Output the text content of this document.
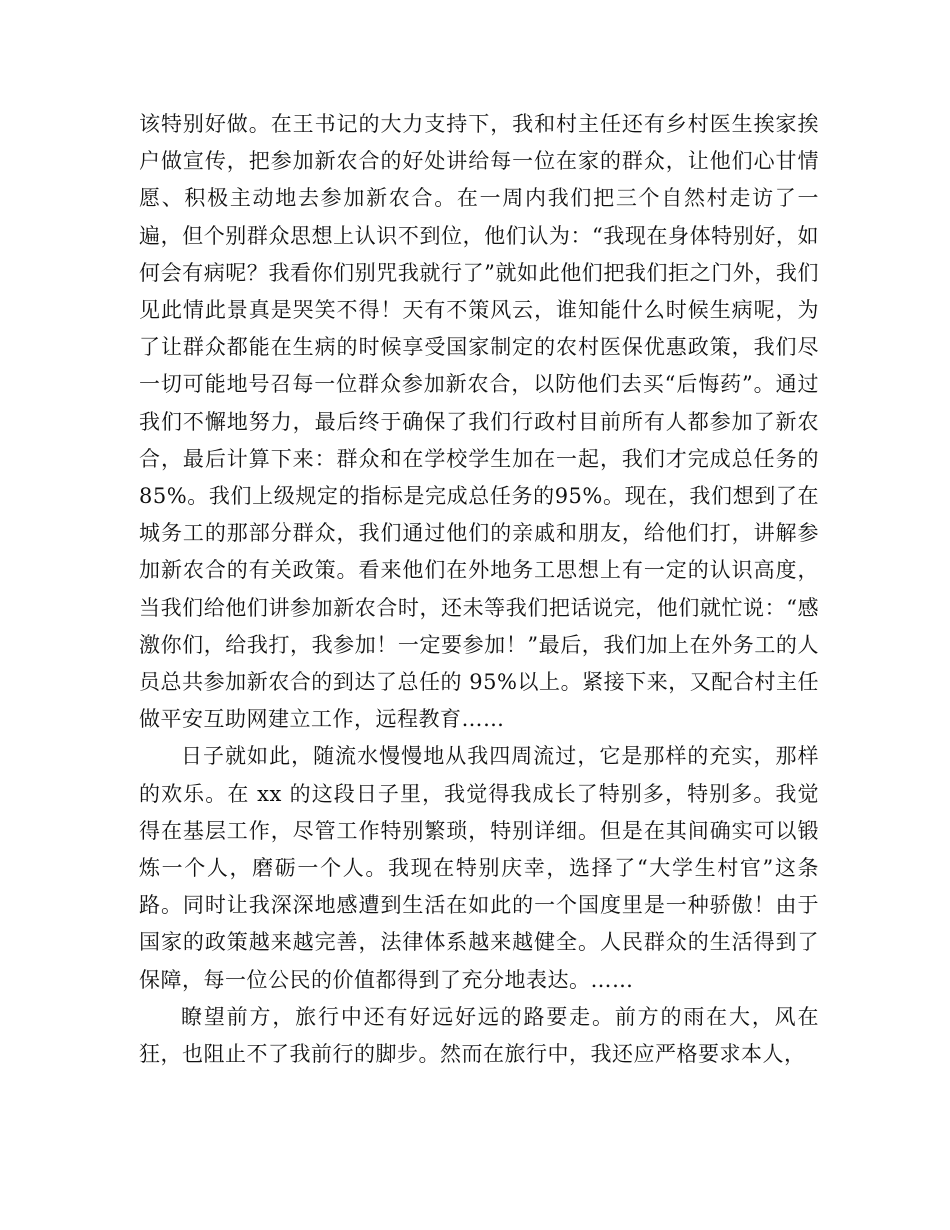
该特别好做。在王书记的大力支持下，我和村主任还有乡村医生挨家挨户做宣传，把参加新农合的好处讲给每一位在家的群众，让他们心甘情愿、积极主动地去参加新农合。在一周内我们把三个自然村走访了一遍，但个别群众思想上认识不到位，他们认为：“我现在身体特别好，如何会有病呢？我看你们别咒我就行了”就如此他们把我们拒之门外，我们见此情此景真是哭笑不得！天有不策风云，谁知能什么时候生病呢，为了让群众都能在生病的时候享受国家制定的农村医保优惠政策，我们尽一切可能地号召每一位群众参加新农合，以防他们去买“后悔药”。通过我们不懈地努力，最后终于确保了我们行政村目前所有人都参加了新农合，最后计算下来：群众和在学校学生加在一起，我们才完成总任务的 85%。我们上级规定的指标是完成总任务的95%。现在，我们想到了在城务工的那部分群众，我们通过他们的亲戚和朋友，给他们打，讲解参加新农合的有关政策。看来他们在外地务工思想上有一定的认识高度，当我们给他们讲参加新农合时，还未等我们把话说完，他们就忙说：“感激你们，给我打，我参加！一定要参加！”最后，我们加上在外务工的人员总共参加新农合的到达了总任的 95%以上。紧接下来，又配合村主任做平安互助网建立工作，远程教育……

日子就如此，随流水慢慢地从我四周流过，它是那样的充实，那样的欢乐。在 xx 的这段日子里，我觉得我成长了特别多，特别多。我觉得在基层工作，尽管工作特别繁琐，特别详细。但是在其间确实可以锻炼一个人，磨砺一个人。我现在特别庆幸，选择了“大学生村官”这条路。同时让我深深地感遭到生活在如此的一个国度里是一种骄傲！由于国家的政策越来越完善，法律体系越来越健全。人民群众的生活得到了保障，每一位公民的价值都得到了充分地表达。……

瞭望前方，旅行中还有好远好远的路要走。前方的雨在大，风在狂，也阻止不了我前行的脚步。然而在旅行中，我还应严格要求本人，
